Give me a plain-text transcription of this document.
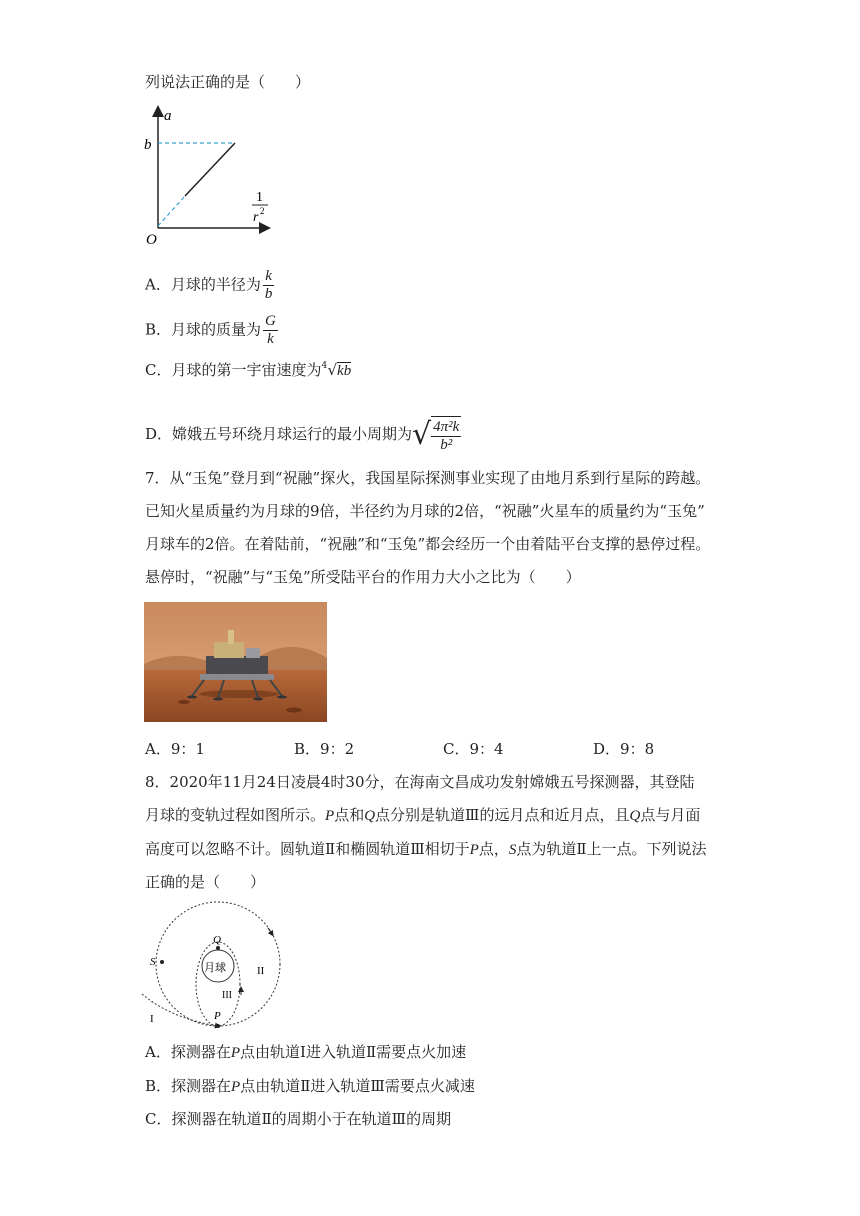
列说法正确的是（　　）
a
b
O
1
r 2
A．月球的半径为 $\frac{k}{b}$
B．月球的质量为 $\frac{G}{k}$
C．月球的第一宇宙速度为 4 √kb
D．嫦娥五号环绕月球运行的最小周期为 √ $\frac{\text{4π²k}}{\text{b²}}$
7．从“玉兔”登月到“祝融”探火，我国星际探测事业实现了由地月系到行星际的跨越。
已知火星质量约为月球的9倍，半径约为月球的2倍，“祝融”火星车的质量约为“玉兔”
月球车的2倍。在着陆前，“祝融”和“玉兔”都会经历一个由着陆平台支撑的悬停过程。
悬停时，“祝融”与“玉兔”所受陆平台的作用力大小之比为（　　）
A．9：1	B．9：2	C．9：4	D．9：8
8．2020年11月24日凌晨4时30分，在海南文昌成功发射嫦娥五号探测器，其登陆
月球的变轨过程如图所示。P点和Q点分别是轨道Ⅲ的远月点和近月点，且Q点与月面
高度可以忽略不计。圆轨道Ⅱ和椭圆轨道Ⅲ相切于P点，S点为轨道Ⅱ上一点。下列说法
正确的是（　　）
月球
Q
S
II
III
I	P
A．探测器在P点由轨道Ⅰ进入轨道Ⅱ需要点火加速
B．探测器在P点由轨道Ⅱ进入轨道Ⅲ需要点火减速
C．探测器在轨道Ⅱ的周期小于在轨道Ⅲ的周期
